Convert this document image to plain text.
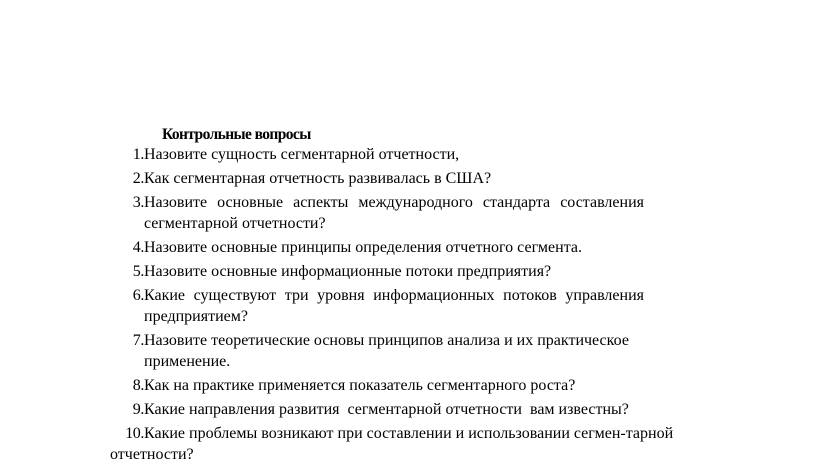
Контрольные вопросы
1. Назовите сущность сегментарной отчетности,
2. Как сегментарная отчетность развивалась в США?
3. Назовите основные аспекты международного стандарта составления
сегментарной отчетности?
4. Назовите основные принципы определения отчетного сегмента.
5. Назовите основные информационные потоки предприятия?
6. Какие существуют три уровня информационных потоков управления
предприятием?
7. Назовите теоретические основы принципов анализа и их практическое
применение.
8. Как на практике применяется показатель сегментарного роста?
9. Какие направления развития  сегментарной отчетности  вам известны?
10. Какие проблемы возникают при составлении и использовании сегмен-тарной
отчетности?
